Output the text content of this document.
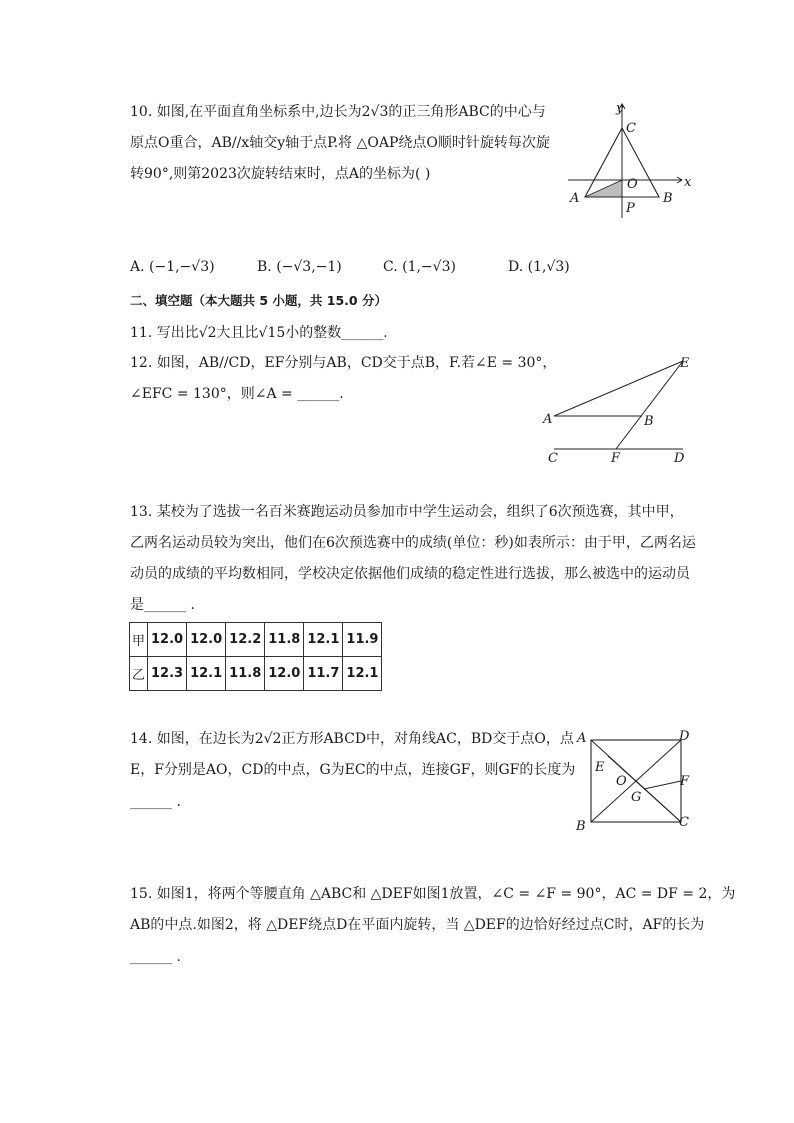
10. 如图,在平面直角坐标系中,边长为2√3的正三角形ABC的中心与
原点O重合，AB//x轴交y轴于点P.将 △OAP绕点O顺时针旋转每次旋
转90°,则第2023次旋转结束时，点A的坐标为( )
y
x
C
O
A	B
P
A. (−1,−√3)	B. (−√3,−1)	C. (1,−√3)	D. (1,√3)
二、填空题（本大题共 5 小题，共 15.0 分）
11. 写出比√2大且比√15小的整数______.
12. 如图，AB//CD，EF分别与AB，CD交于点B，F.若∠E = 30°，
∠EFC = 130°，则∠A = ______.
E
A	B
C	F	D
13. 某校为了选拔一名百米赛跑运动员参加市中学生运动会，组织了6次预选赛，其中甲，
乙两名运动员较为突出，他们在6次预选赛中的成绩(单位：秒)如表所示：由于甲，乙两名运
动员的成绩的平均数相同，学校决定依据他们成绩的稳定性进行选拔，那么被选中的运动员
是______ .
甲	12.0	12.0	12.2	11.8	12.1	11.9
乙	12.3	12.1	11.8	12.0	11.7	12.1
14. 如图，在边长为2√2正方形ABCD中，对角线AC，BD交于点O，点
E，F分别是AO，CD的中点，G为EC的中点，连接GF，则GF的长度为
______ .
A	D
E
O	F
G
B	C
15. 如图1，将两个等腰直角 △ABC和 △DEF如图1放置，∠C = ∠F = 90°，AC = DF = 2，为
AB的中点.如图2，将 △DEF绕点D在平面内旋转，当 △DEF的边恰好经过点C时，AF的长为
______ .
